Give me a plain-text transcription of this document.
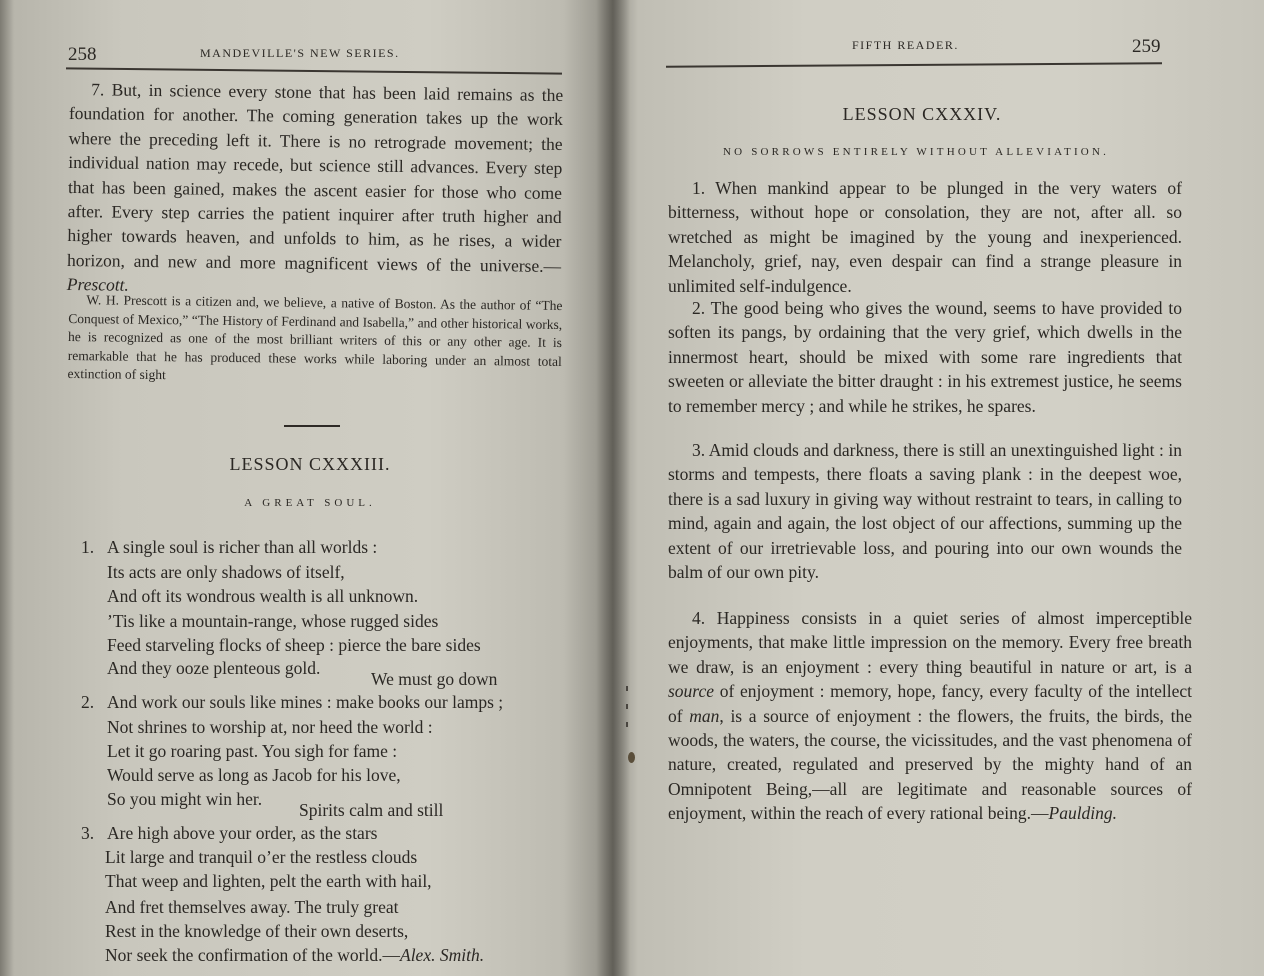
258	MANDEVILLE'S NEW SERIES.

7. But, in science every stone that has been laid remains as the foundation for another. The coming generation takes up the work where the preceding left it. There is no retrograde movement; the individual nation may recede, but science still advances. Every step that has been gained, makes the ascent easier for those who come after. Every step carries the patient inquirer after truth higher and higher towards heaven, and unfolds to him, as he rises, a wider horizon, and new and more magnificent views of the universe.—Prescott.

W. H. Prescott is a citizen and, we believe, a native of Boston. As the author of “The Conquest of Mexico,” “The History of Ferdinand and Isabella,” and other historical works, he is recognized as one of the most brilliant writers of this or any other age. It is remarkable that he has produced these works while laboring under an almost total extinction of sight

LESSON CXXXIII.
A GREAT SOUL.
1. A single soul is richer than all worlds :
Its acts are only shadows of itself,
And oft its wondrous wealth is all unknown.
’Tis like a mountain-range, whose rugged sides
Feed starveling flocks of sheep : pierce the bare sides
And they ooze plenteous gold.
We must go down
2. And work our souls like mines : make books our lamps ;
Not shrines to worship at, nor heed the world :
Let it go roaring past. You sigh for fame :
Would serve as long as Jacob for his love,
So you might win her.
Spirits calm and still
3. Are high above your order, as the stars
Lit large and tranquil o’er the restless clouds
That weep and lighten, pelt the earth with hail,
And fret themselves away. The truly great
Rest in the knowledge of their own deserts,
Nor seek the confirmation of the world.—Alex. Smith.
FIFTH READER.	259
LESSON CXXXIV.
NO SORROWS ENTIRELY WITHOUT ALLEVIATION.

1. When mankind appear to be plunged in the very waters of bitterness, without hope or consolation, they are not, after all. so wretched as might be imagined by the young and inexperienced. Melancholy, grief, nay, even despair can find a strange pleasure in unlimited self-indulgence.

2. The good being who gives the wound, seems to have provided to soften its pangs, by ordaining that the very grief, which dwells in the innermost heart, should be mixed with some rare ingredients that sweeten or alleviate the bitter draught : in his extremest justice, he seems to remember mercy ; and while he strikes, he spares.

3. Amid clouds and darkness, there is still an unextinguished light : in storms and tempests, there floats a saving plank : in the deepest woe, there is a sad luxury in giving way without restraint to tears, in calling to mind, again and again, the lost object of our affections, summing up the extent of our irretrievable loss, and pouring into our own wounds the balm of our own pity.

4. Happiness consists in a quiet series of almost imperceptible enjoyments, that make little impression on the memory. Every free breath we draw, is an enjoyment : every thing beautiful in nature or art, is a source of enjoyment : memory, hope, fancy, every faculty of the intellect of man, is a source of enjoyment : the flowers, the fruits, the birds, the woods, the waters, the course, the vicissitudes, and the vast phenomena of nature, created, regulated and preserved by the mighty hand of an Omnipotent Being,—all are legitimate and reasonable sources of enjoyment, within the reach of every rational being.—Paulding.
